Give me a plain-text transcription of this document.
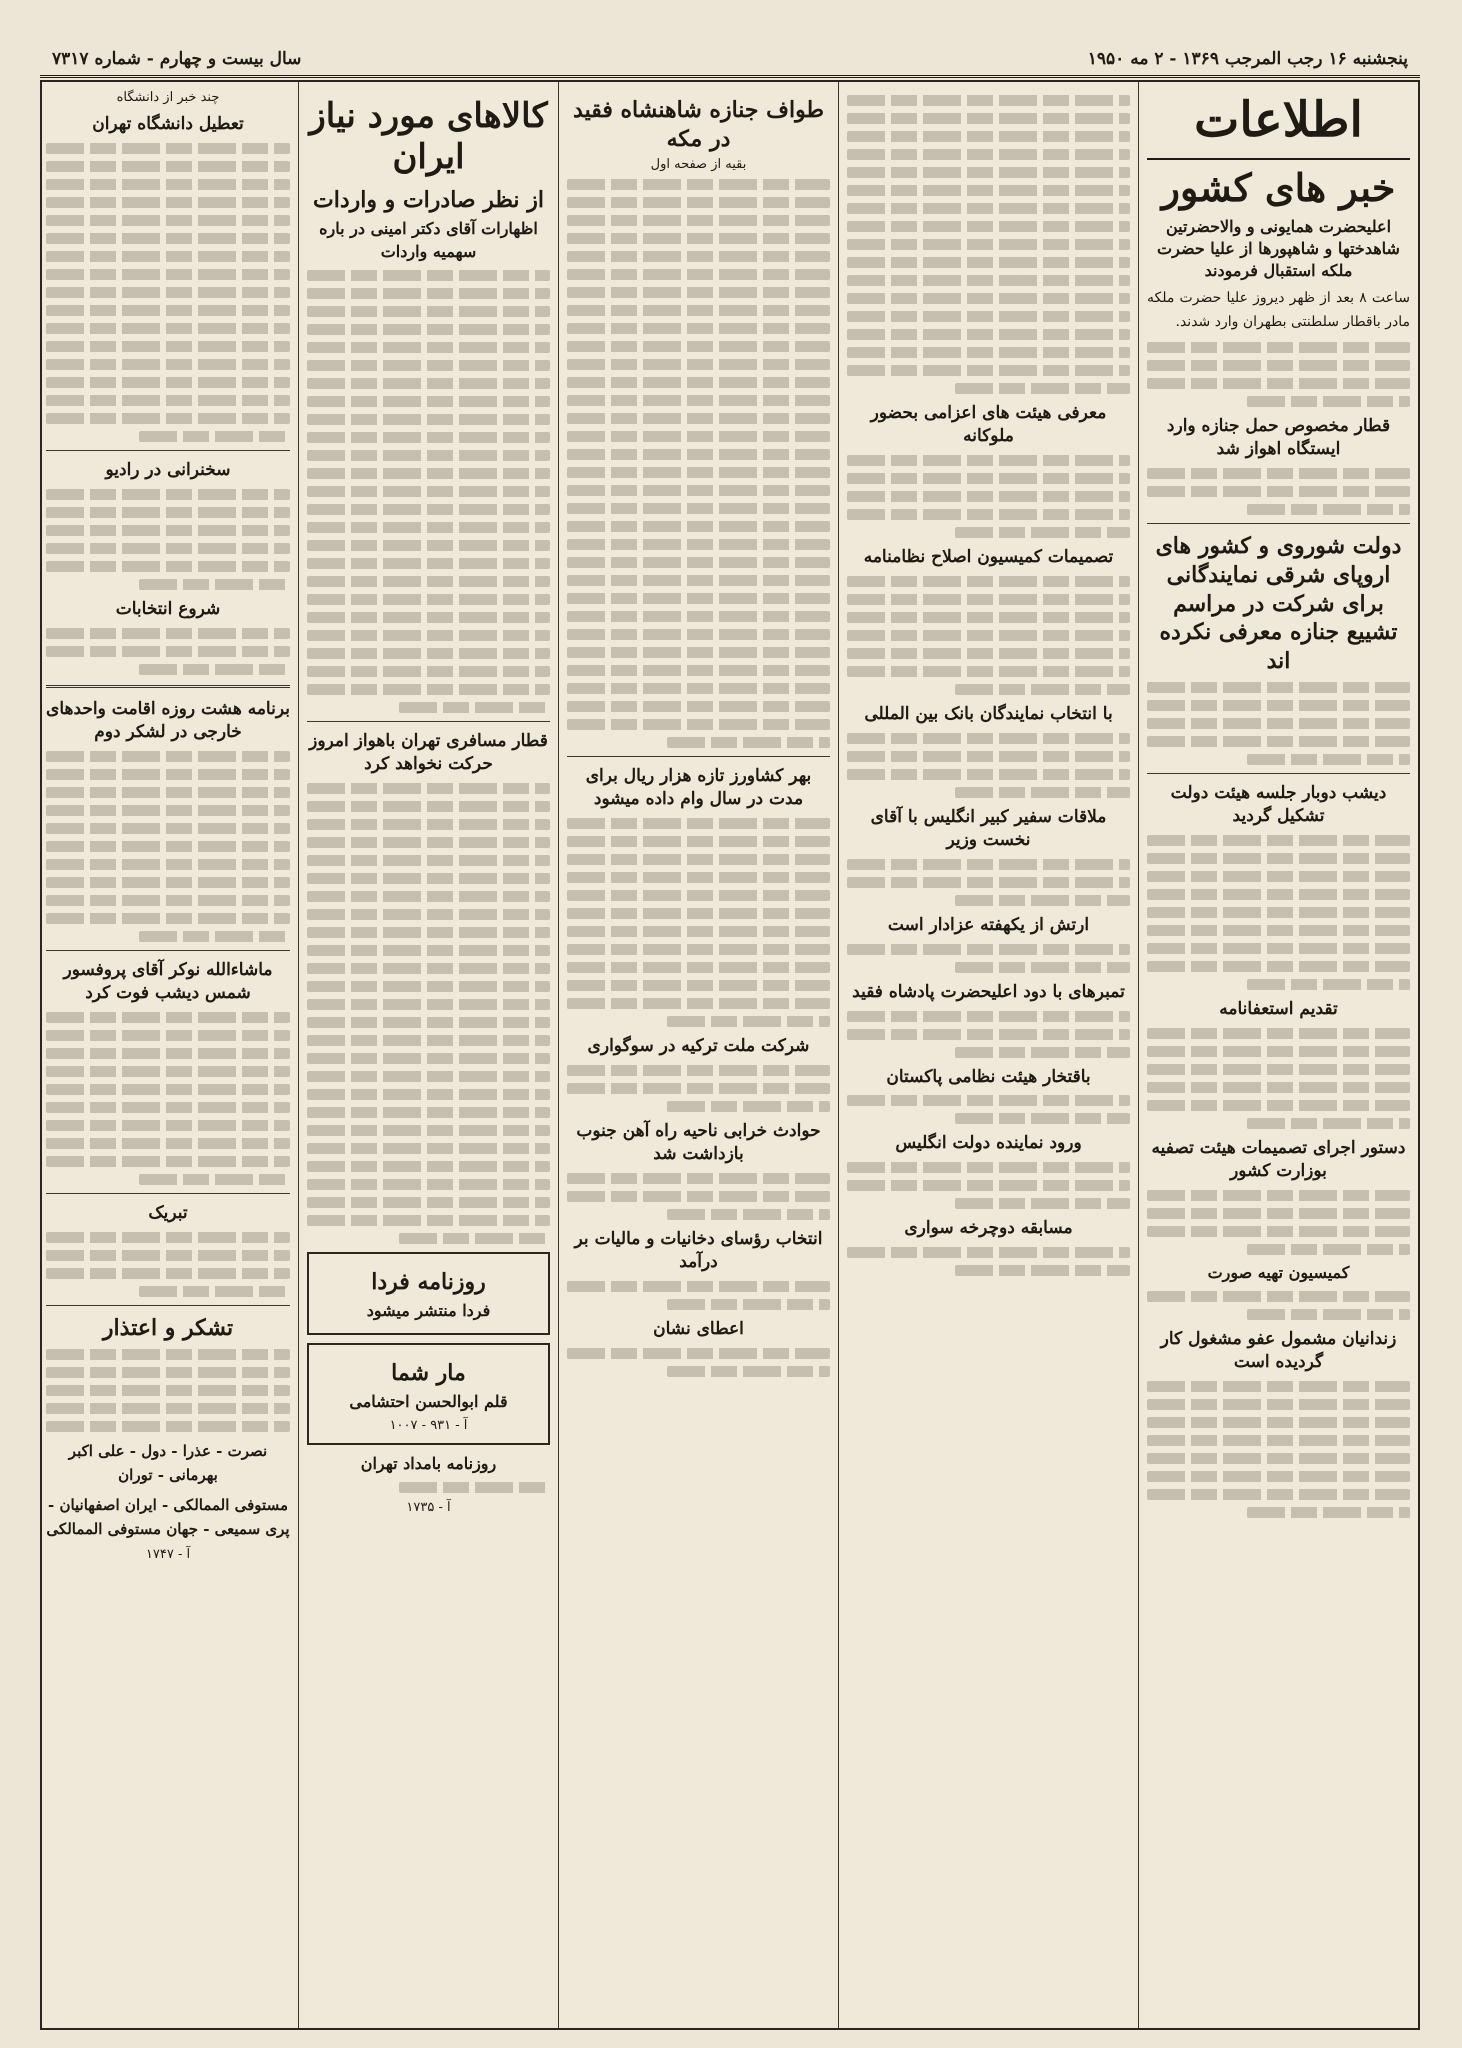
پنجشنبه ۱۶ رجب المرجب ۱۳۶۹ - ۲ مه ۱۹۵۰
سال بیست و چهارم - شماره ۷۳۱۷
اطلاعات
خبر های کشور
اعلیحضرت همایونی و والاحضرتین شاهدختها و شاهپورها از علیا حضرت ملکه استقبال فرمودند
ساعت ۸ بعد از ظهر دیروز علیا حضرت ملکه مادر باقطار سلطنتی بطهران وارد شدند.
قطار مخصوص حمل جنازه وارد ایستگاه اهواز شد
دولت شوروی و کشور های اروپای شرقی نمایندگانی برای شرکت در مراسم تشییع جنازه معرفی نکرده اند
دیشب دوبار جلسه هیئت دولت تشکیل گردید
تقدیم استعفانامه
دستور اجرای تصمیمات هیئت تصفیه بوزارت کشور
کمیسیون تهیه صورت
زندانیان مشمول عفو مشغول کار گردیده است
معرفی هیئت های اعزامی بحضور ملوکانه
تصمیمات کمیسیون اصلاح نظامنامه
با انتخاب نمایندگان بانک بین المللی
ملاقات سفیر کبیر انگلیس با آقای نخست وزیر
ارتش از یکهفته عزادار است
تمبرهای با دود اعلیحضرت پادشاه فقید
باقتخار هیئت نظامی پاکستان
ورود نماینده دولت انگلیس
مسابقه دوچرخه سواری
طواف جنازه شاهنشاه فقید در مکه
بقیه از صفحه اول
بهر کشاورز تازه هزار ریال برای مدت در سال وام داده میشود
شرکت ملت ترکیه در سوگواری
حوادث خرابی ناحیه راه آهن جنوب بازداشت شد
انتخاب رؤسای دخانیات و مالیات بر درآمد
اعطای نشان
کالاهای مورد نیاز ایران
از نظر صادرات و واردات
اظهارات آقای دکتر امینی در باره سهمیه واردات
قطار مسافری تهران باهواز امروز حرکت نخواهد کرد
روزنامه فردا
فردا منتشر میشود
مار شما
قلم ابوالحسن احتشامی
آ - ۹۳۱ - ۱۰۰۷
روزنامه بامداد تهران
آ - ۱۷۳۵
چند خبر از دانشگاه
تعطیل دانشگاه تهران
سخنرانی در رادیو
شروع انتخابات
برنامه هشت روزه اقامت واحدهای خارجی در لشکر دوم
ماشاءالله نوکر آقای پروفسور شمس دیشب فوت کرد
تبریک
تشکر و اعتذار
نصرت - عذرا - دول - علی اکبر بهرمانی - توران
مستوفی الممالکی - ایران اصفهانیان - پری سمیعی - جهان مستوفی الممالکی
آ - ۱۷۴۷
